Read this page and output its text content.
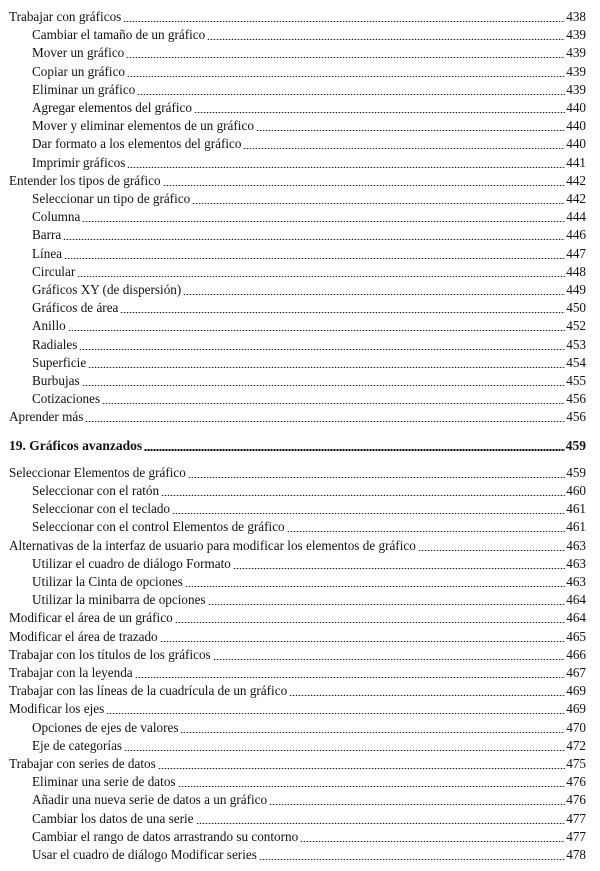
Trabajar con gráficos	438
Cambiar el tamaño de un gráfico	439
Mover un gráfico	439
Copiar un gráfico	439
Eliminar un gráfico	439
Agregar elementos del gráfico	440
Mover y eliminar elementos de un gráfico	440
Dar formato a los elementos del gráfico	440
Imprimir gráficos	441
Entender los tipos de gráfico	442
Seleccionar un tipo de gráfico	442
Columna	444
Barra	446
Línea	447
Circular	448
Gráficos XY (de dispersión)	449
Gráficos de área	450
Anillo	452
Radiales	453
Superficie	454
Burbujas	455
Cotizaciones	456
Aprender más	456
19. Gráficos avanzados	459
Seleccionar Elementos de gráfico	459
Seleccionar con el ratón	460
Seleccionar con el teclado	461
Seleccionar con el control Elementos de gráfico	461
Alternativas de la interfaz de usuario para modificar los elementos de gráfico	463
Utilizar el cuadro de diálogo Formato	463
Utilizar la Cinta de opciones	463
Utilizar la minibarra de opciones	464
Modificar el área de un gráfico	464
Modificar el área de trazado	465
Trabajar con los títulos de los gráficos	466
Trabajar con la leyenda	467
Trabajar con las líneas de la cuadrícula de un gráfico	469
Modificar los ejes	469
Opciones de ejes de valores	470
Eje de categorías	472
Trabajar con series de datos	475
Eliminar una serie de datos	476
Añadir una nueva serie de datos a un gráfico	476
Cambiar los datos de una serie	477
Cambiar el rango de datos arrastrando su contorno	477
Usar el cuadro de diálogo Modificar series	478
